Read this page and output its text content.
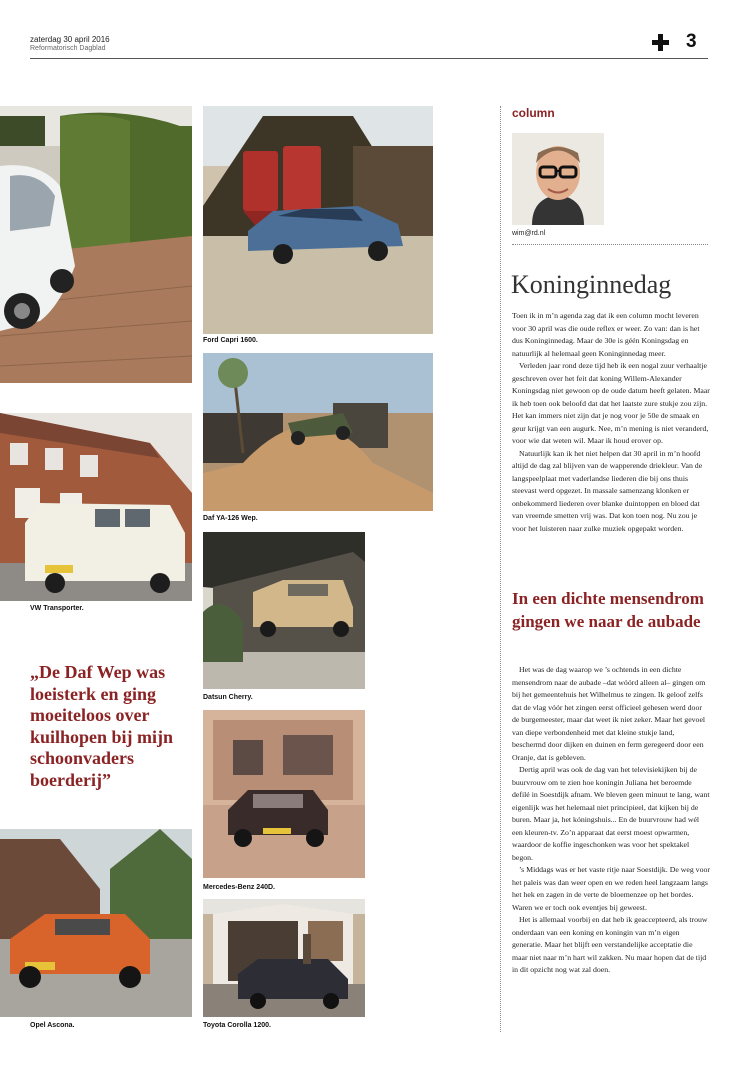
zaterdag 30 april 2016
Reformatorisch Dagblad	3
Ford Capri 1600.
Daf YA-126 Wep.
VW Transporter.
Datsun Cherry.
Mercedes-Benz 240D.
Opel Ascona.	Toyota Corolla 1200.
„De Daf Wep was loeisterk en ging moeiteloos over kuilhopen bij mijn schoonvaders boerderij”
column
wim@rd.nl
Koninginnedag

Toen ik in m’n agenda zag dat ik een column mocht leveren voor 30 april was die oude reflex er weer. Zo van: dan is het dus Koninginnedag. Maar de 30e is géén Koningsdag en natuurlijk al helemaal geen Koninginnedag meer.

Verleden jaar rond deze tijd heb ik een nogal zuur verhaaltje geschreven over het feit dat koning Willem-Alexander Koningsdag niet gewoon op de oude datum heeft gelaten. Maar ik heb toen ook beloofd dat dat het laatste zure stukje zou zijn. Het kan immers niet zijn dat je nog voor je 50e de smaak en geur krijgt van een augurk. Nee, m’n mening is niet veranderd, voor wie dat weten wil. Maar ik houd erover op.

Natuurlijk kan ik het niet helpen dat 30 april in m’n hoofd altijd de dag zal blijven van de wapperende driekleur. Van de langspeelplaat met vaderlandse liederen die bij ons thuis steevast werd opgezet. In massale samenzang klonken er onbekommerd liederen over blanke duintoppen en bloed dat van vreemde smetten vrij was. Dat kon toen nog. Nu zou je voor het luisteren naar zulke muziek opgepakt worden.

In een dichte mensendrom gingen we naar de aubade

Het was de dag waarop we ’s ochtends in een dichte mensendrom naar de aubade –dat wóórd alleen al– gingen om bij het gemeentehuis het Wilhelmus te zingen. Ik geloof zelfs dat de vlag vóór het zingen eerst officieel gehesen werd door de burgemeester, maar dat weet ik niet zeker. Maar het gevoel van diepe verbondenheid met dat kleine stukje land, beschermd door dijken en duinen en ferm geregeerd door een Oranje, dat is gebleven.

Dertig april was ook de dag van het televisiekijken bij de buurvrouw om te zien hoe koningin Juliana het beroemde defilé in Soestdijk afnam. We bleven geen minuut te lang, want eigenlijk was het helemaal niet principieel, dat kijken bij de buren. Maar ja, het kóningshuis... En de buurvrouw had wél een kleuren-tv. Zo’n apparaat dat eerst moest opwarmen, waardoor de koffie ingeschonken was voor het spektakel begon.

’s Middags was er het vaste ritje naar Soestdijk. De weg voor het paleis was dan weer open en we reden heel langzaam langs het hek en zagen in de verte de bloemenzee op het bordes. Waren we er toch ook eventjes bij geweest.

Het is allemaal voorbij en dat heb ik geaccepteerd, als trouw onderdaan van een koning en koningin van m’n eigen generatie. Maar het blijft een verstandelijke acceptatie die maar niet naar m’n hart wil zakken. Nu maar hopen dat de tijd in dit opzicht nog wat zal doen.
